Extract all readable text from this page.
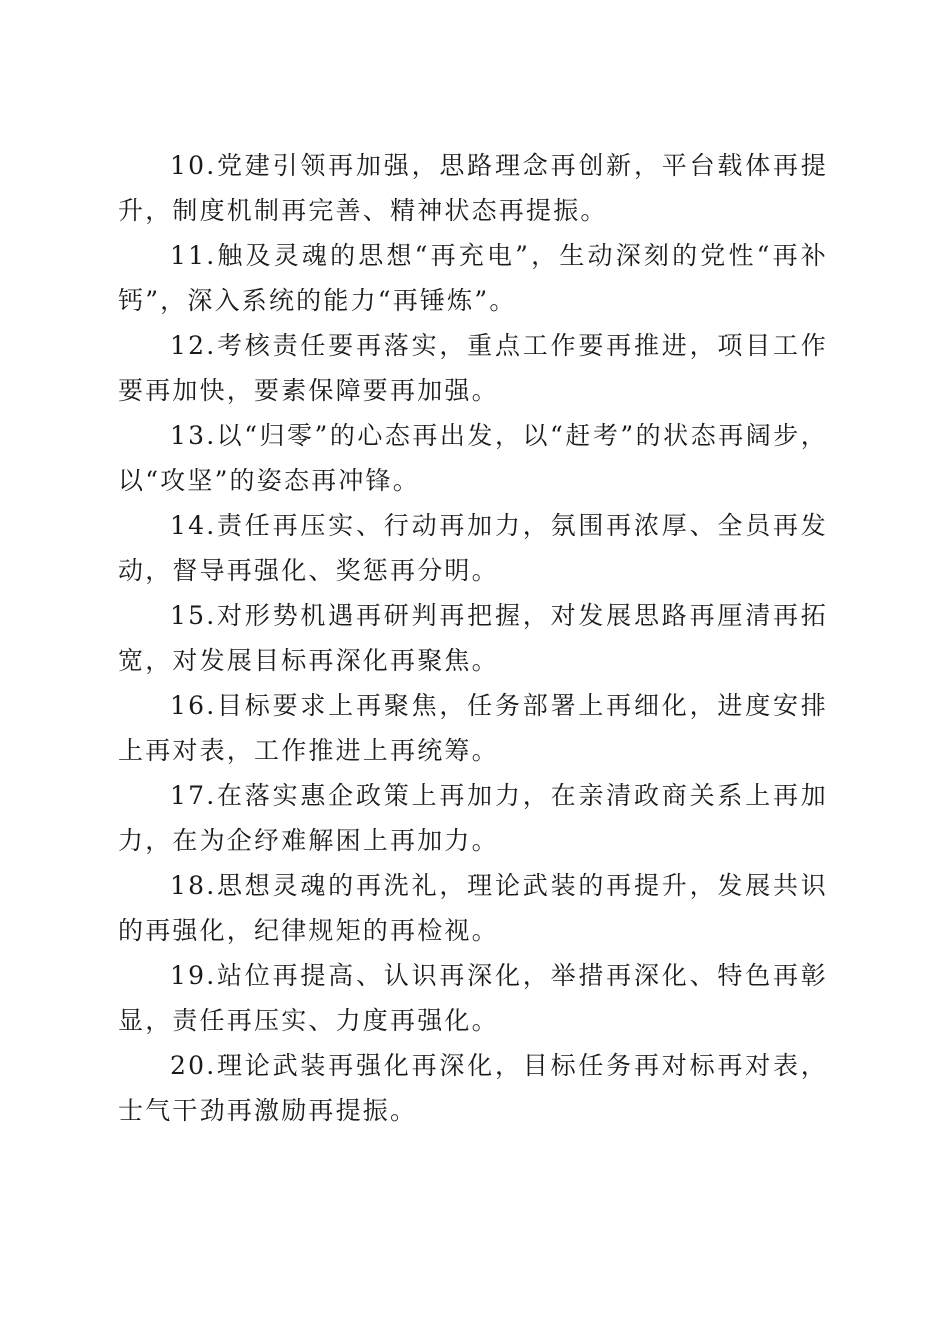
10.党建引领再加强，思路理念再创新，平台载体再提升，制度机制再完善、精神状态再提振。

11.触及灵魂的思想“再充电”，生动深刻的党性“再补钙”，深入系统的能力“再锤炼”。

12.考核责任要再落实，重点工作要再推进，项目工作要再加快，要素保障要再加强。

13.以“归零”的心态再出发，以“赶考”的状态再阔步，以“攻坚”的姿态再冲锋。

14.责任再压实、行动再加力，氛围再浓厚、全员再发动，督导再强化、奖惩再分明。

15.对形势机遇再研判再把握，对发展思路再厘清再拓宽，对发展目标再深化再聚焦。

16.目标要求上再聚焦，任务部署上再细化，进度安排上再对表，工作推进上再统筹。

17.在落实惠企政策上再加力，在亲清政商关系上再加力，在为企纾难解困上再加力。

18.思想灵魂的再洗礼，理论武装的再提升，发展共识的再强化，纪律规矩的再检视。

19.站位再提高、认识再深化，举措再深化、特色再彰显，责任再压实、力度再强化。

20.理论武装再强化再深化，目标任务再对标再对表，士气干劲再激励再提振。
